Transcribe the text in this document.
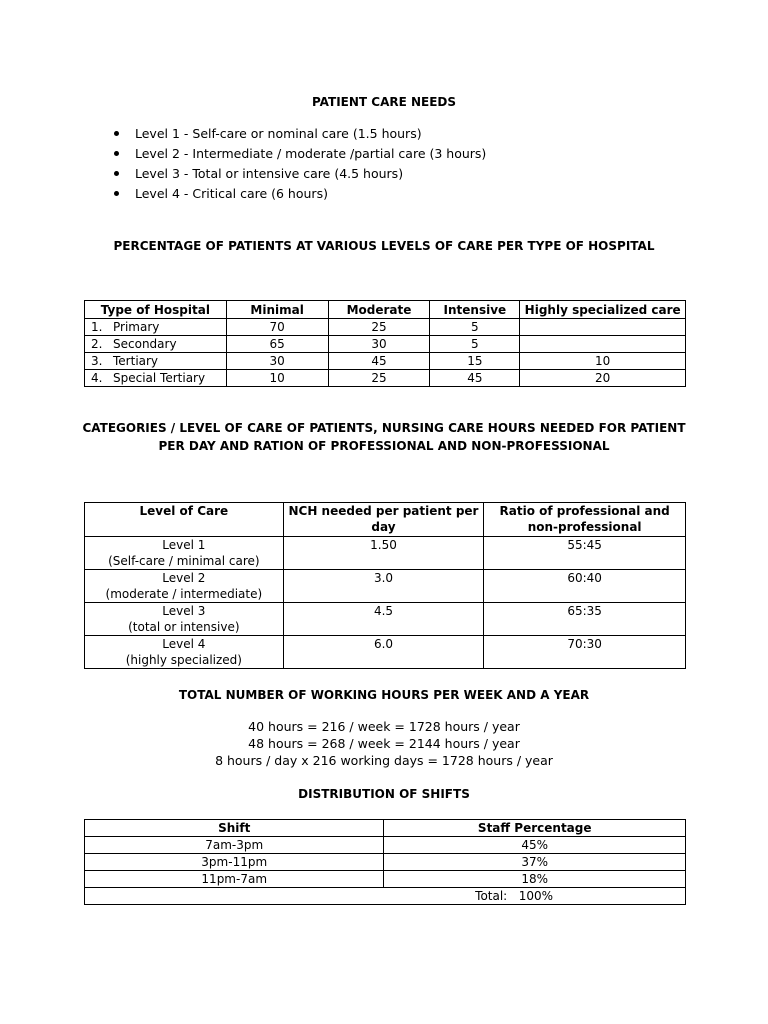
PATIENT CARE NEEDS
Level 1 - Self-care or nominal care (1.5 hours)
Level 2 - Intermediate / moderate /partial care (3 hours)
Level 3 - Total or intensive care (4.5 hours)
Level 4 - Critical care (6 hours)
PERCENTAGE OF PATIENTS AT VARIOUS LEVELS OF CARE PER TYPE OF HOSPITAL
Type of Hospital	Minimal	Moderate	Intensive	Highly specialized care
1. Primary	70	25	5	
2. Secondary	65	30	5	
3. Tertiary	30	45	15	10
4. Special Tertiary	10	25	45	20
CATEGORIES / LEVEL OF CARE OF PATIENTS, NURSING CARE HOURS NEEDED FOR PATIENT
PER DAY AND RATION OF PROFESSIONAL AND NON-PROFESSIONAL
Level of Care	NCH needed per patient per
day	Ratio of professional and
non-professional
Level 1
(Self-care / minimal care)	1.50	55:45
Level 2
(moderate / intermediate)	3.0	60:40
Level 3
(total or intensive)	4.5	65:35
Level 4
(highly specialized)	6.0	70:30
TOTAL NUMBER OF WORKING HOURS PER WEEK AND A YEAR
40 hours = 216 / week = 1728 hours / year
48 hours = 268 / week = 2144 hours / year
8 hours / day x 216 working days = 1728 hours / year
DISTRIBUTION OF SHIFTS
Shift	Staff Percentage
7am-3pm	45%
3pm-11pm	37%
11pm-7am	18%
Total: 100%	
